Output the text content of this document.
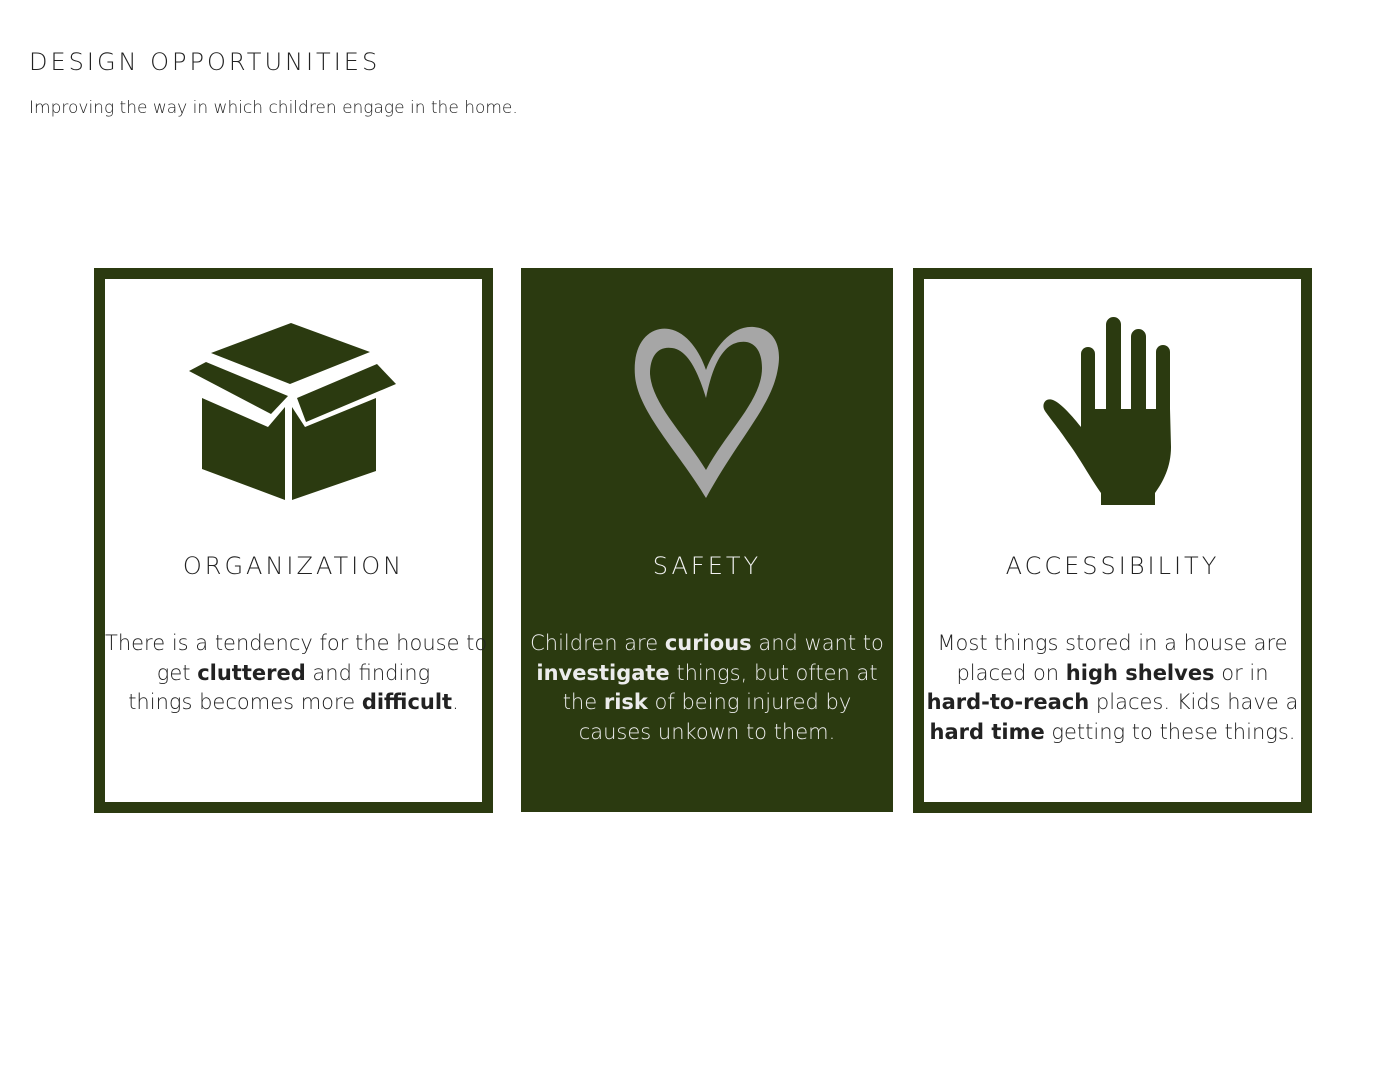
DESIGN OPPORTUNITIES
Improving the way in which children engage in the home.
ORGANIZATION
There is a tendency for the house to
get cluttered and finding
things becomes more difficult.
SAFETY
Children are curious and want to
investigate things, but often at
the risk of being injured by
causes unkown to them.
ACCESSIBILITY
Most things stored in a house are
placed on high shelves or in
hard-to-reach places. Kids have a
hard time getting to these things.
